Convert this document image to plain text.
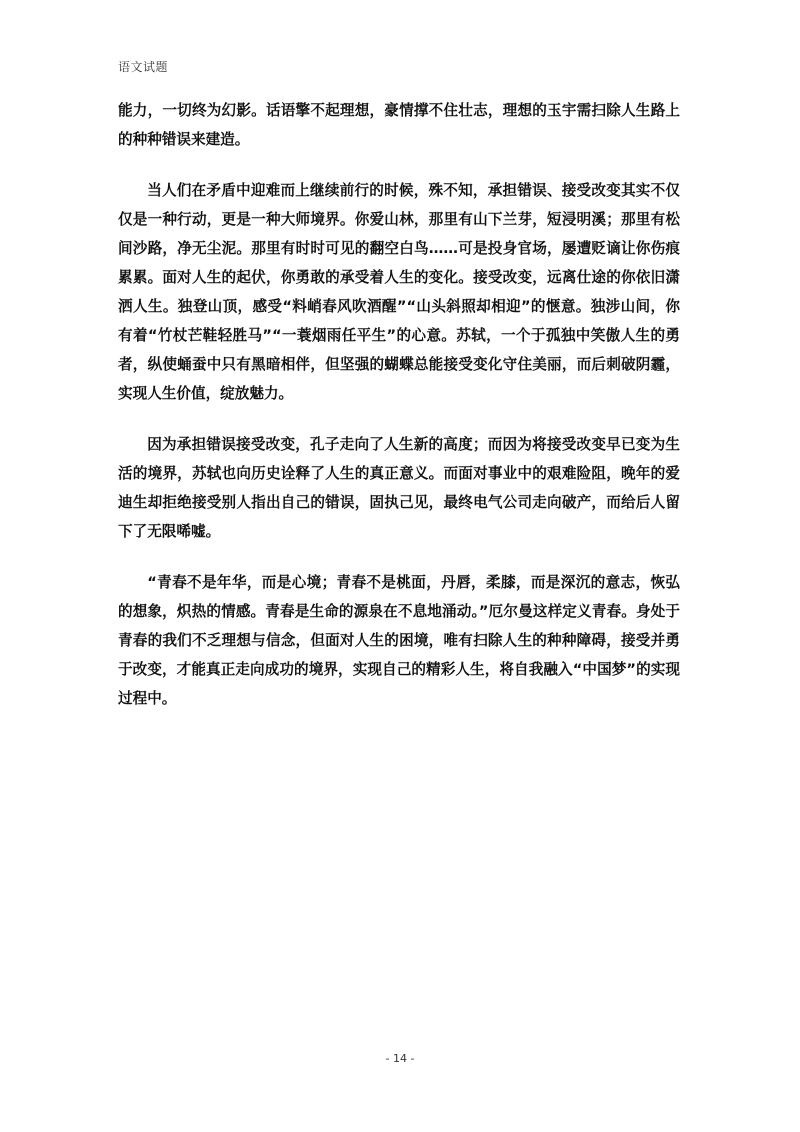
语文试题

能力，一切终为幻影。话语擎不起理想，豪情撑不住壮志，理想的玉宇需扫除人生路上的种种错误来建造。

当人们在矛盾中迎难而上继续前行的时候，殊不知，承担错误、接受改变其实不仅仅是一种行动，更是一种大师境界。你爱山林，那里有山下兰芽，短浸明溪；那里有松间沙路，净无尘泥。那里有时时可见的翻空白鸟……可是投身官场，屡遭贬谪让你伤痕累累。面对人生的起伏，你勇敢的承受着人生的变化。接受改变，远离仕途的你依旧潇洒人生。独登山顶，感受“料峭春风吹酒醒”“山头斜照却相迎”的惬意。独涉山间，你有着“竹杖芒鞋轻胜马”“一蓑烟雨任平生”的心意。苏轼，一个于孤独中笑傲人生的勇者，纵使蛹蚕中只有黑暗相伴，但坚强的蝴蝶总能接受变化守住美丽，而后刺破阴霾，实现人生价值，绽放魅力。

因为承担错误接受改变，孔子走向了人生新的高度；而因为将接受改变早已变为生活的境界，苏轼也向历史诠释了人生的真正意义。而面对事业中的艰难险阻，晚年的爱迪生却拒绝接受别人指出自己的错误，固执己见，最终电气公司走向破产，而给后人留下了无限唏嘘。

“青春不是年华，而是心境；青春不是桃面，丹唇，柔膝，而是深沉的意志，恢弘的想象，炽热的情感。青春是生命的源泉在不息地涌动。”厄尔曼这样定义青春。身处于青春的我们不乏理想与信念，但面对人生的困境，唯有扫除人生的种种障碍，接受并勇于改变，才能真正走向成功的境界，实现自己的精彩人生，将自我融入“中国梦”的实现过程中。

- 14 -
